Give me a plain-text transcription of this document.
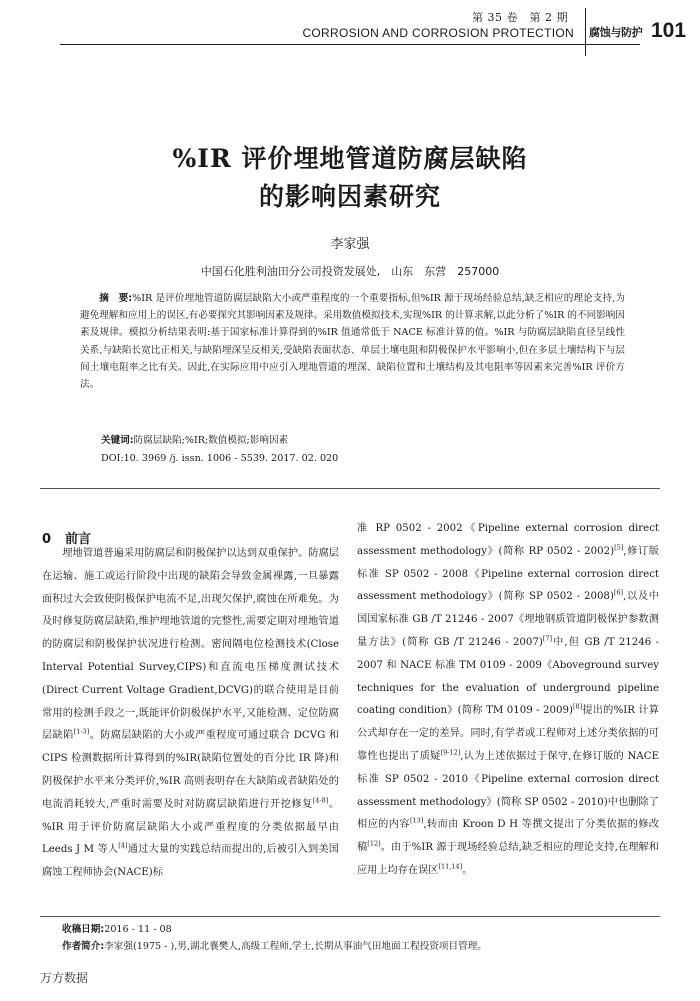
第 35 卷　第 2 期
CORROSION AND CORROSION PROTECTION 腐蚀与防护 101
%IR 评价埋地管道防腐层缺陷
的影响因素研究
李家强
中国石化胜利油田分公司投资发展处,　山东　东营　257000
摘　要:%IR 是评价埋地管道防腐层缺陷大小或严重程度的一个重要指标,但%IR 源于现场经验总结,缺乏相应的理论支持,为避免理解和应用上的误区,有必要探究其影响因素及规律。采用数值模拟技术,实现%IR 的计算求解,以此分析了%IR 的不同影响因素及规律。模拟分析结果表明:基于国家标准计算得到的%IR 值通常低于 NACE 标准计算的值。%IR 与防腐层缺陷直径呈线性关系,与缺陷长宽比正相关,与缺陷埋深呈反相关,受缺陷表面状态、单层土壤电阻和阴极保护水平影响小,但在多层土壤结构下与层间土壤电阻率之比有关。因此,在实际应用中应引入埋地管道的埋深、缺陷位置和土壤结构及其电阻率等因素来完善%IR 评价方法。
关键词:防腐层缺陷;%IR;数值模拟;影响因素
DOI:10. 3969 /j. issn. 1006 - 5539. 2017. 02. 020
0 前言
埋地管道普遍采用防腐层和阴极保护以达到双重保护。防腐层在运输、施工或运行阶段中出现的缺陷会导致金属裸露,一旦暴露面积过大会致使阴极保护电流不足,出现欠保护,腐蚀在所难免。为及时修复防腐层缺陷,维护埋地管道的完整性,需要定期对埋地管道的防腐层和阴极保护状况进行检测。密间隔电位检测技术(Close Interval Potential Survey,CIPS)和直流电压梯度测试技术(Direct Current Voltage Gradient,DCVG)的联合使用是目前常用的检测手段之一,既能评价阴极保护水平,又能检测、定位防腐层缺陷[1-3]。防腐层缺陷的大小或严重程度可通过联合 DCVG 和 CIPS 检测数据所计算得到的%IR(缺陷位置处的百分比 IR 降)和阴极保护水平来分类评价,%IR 高则表明存在大缺陷或者缺陷处的电流消耗较大,严重时需要及时对防腐层缺陷进行开挖修复[4-8]。%IR 用于评价防腐层缺陷大小或严重程度的分类依据最早由 Leeds J M 等人[4]通过大量的实践总结而提出的,后被引入到美国腐蚀工程师协会(NACE)标
准 RP 0502 - 2002《Pipeline external corrosion direct assessment methodology》(简称 RP 0502 - 2002)[5],修订版标准 SP 0502 - 2008《Pipeline external corrosion direct assessment methodology》(简称 SP 0502 - 2008)[6],以及中国国家标准 GB /T 21246 - 2007《埋地钢质管道阴极保护参数测量方法》(简称 GB /T 21246 - 2007)[7]中,但 GB /T 21246 - 2007 和 NACE 标准 TM 0109 - 2009《Aboveground survey techniques for the evaluation of underground pipeline coating condition》(简称 TM 0109 - 2009)[8]提出的%IR 计算公式却存在一定的差异。同时,有学者或工程师对上述分类依据的可靠性也提出了质疑[9-12],认为上述依据过于保守,在修订版的 NACE 标准 SP 0502 - 2010《Pipeline external corrosion direct assessment methodology》(简称 SP 0502 - 2010)中也删除了相应的内容[13],转而由 Kroon D H 等撰文提出了分类依据的修改稿[12]。由于%IR 源于现场经验总结,缺乏相应的理论支持,在理解和应用上均存在误区[11,14]。
收稿日期:2016 - 11 - 08
作者简介:李家强(1975 - ),男,湖北襄樊人,高级工程师,学士,长期从事油气田地面工程投资项目管理。
万方数据
